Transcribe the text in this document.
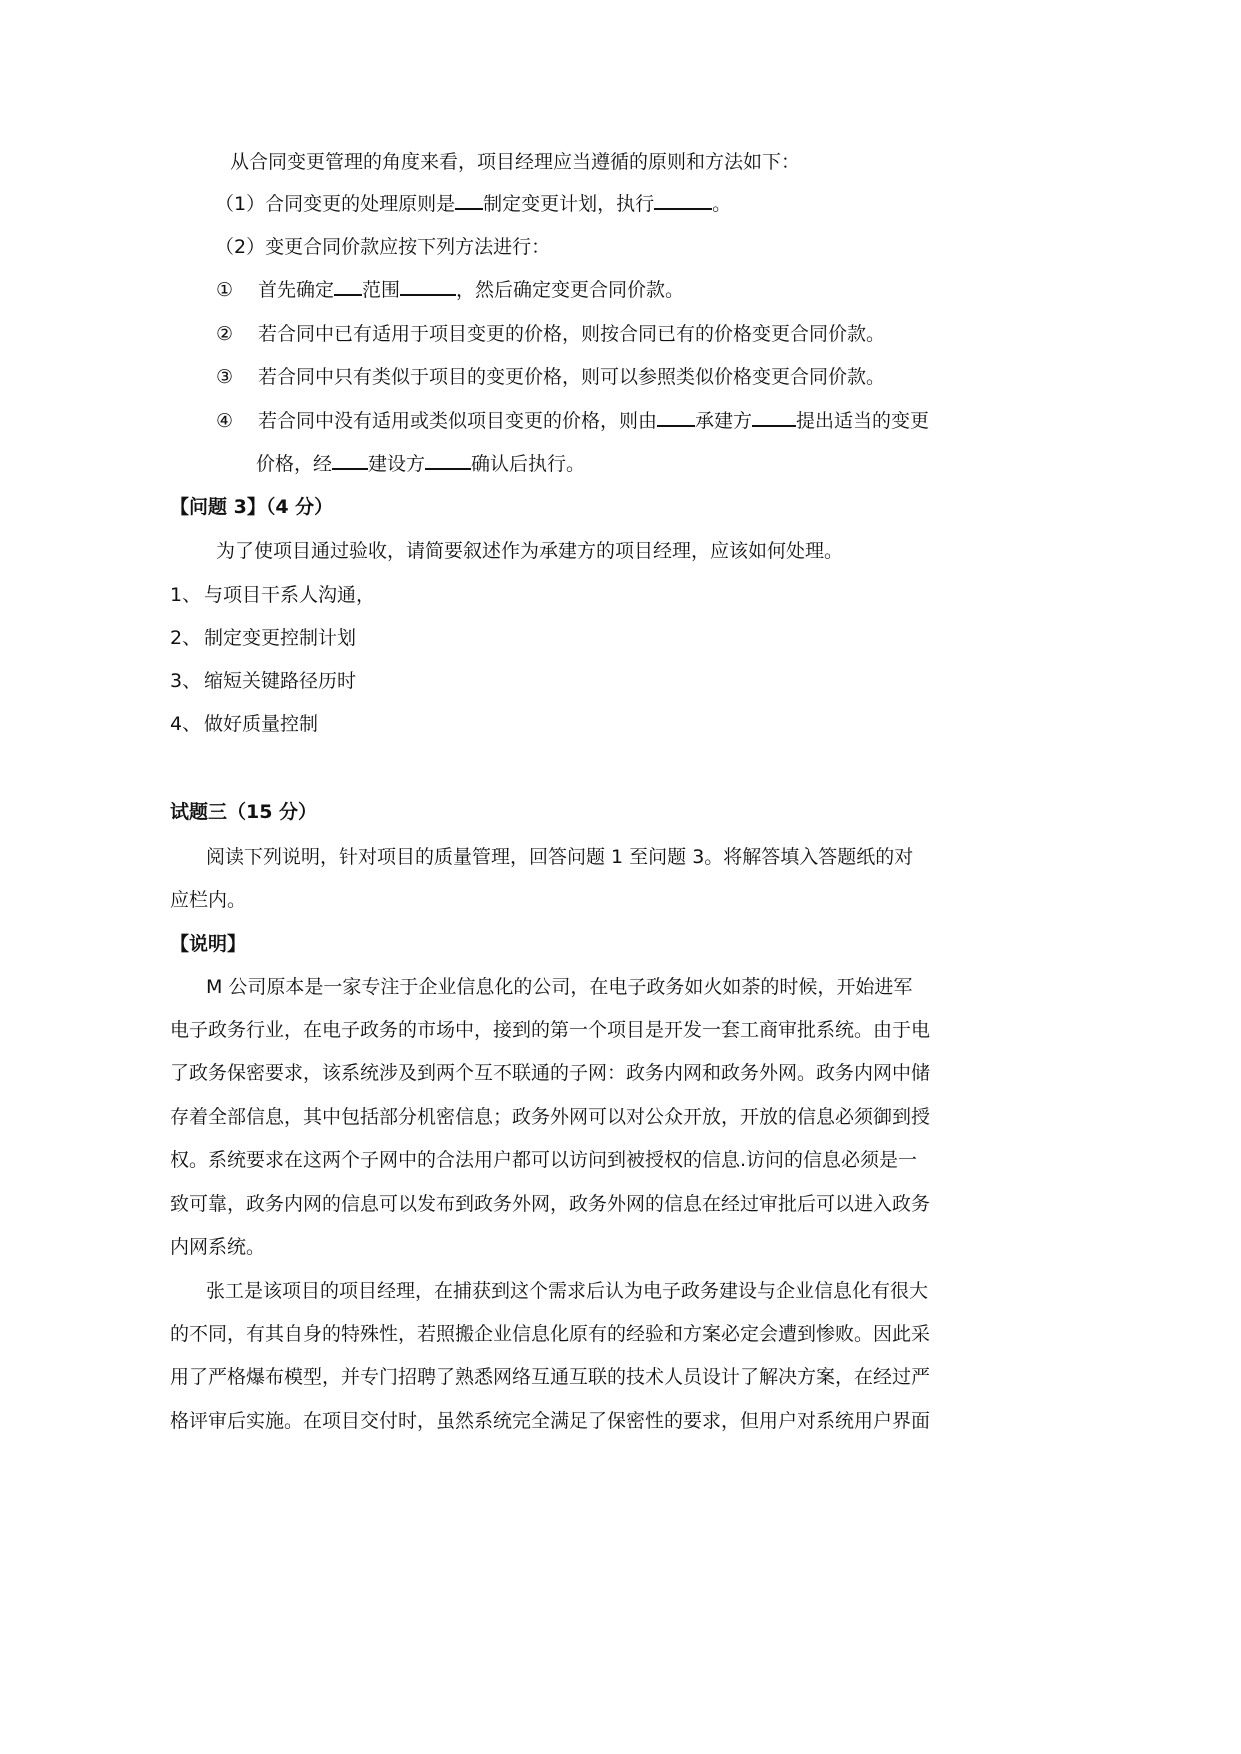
从合同变更管理的角度来看，项目经理应当遵循的原则和方法如下：
（1）合同变更的处理原则是 制定变更计划，执行	。
（2）变更合同价款应按下列方法进行：
① 首先确定 范围	，然后确定变更合同价款。
② 若合同中已有适用于项目变更的价格，则按合同已有的价格变更合同价款。
③ 若合同中只有类似于项目的变更价格，则可以参照类似价格变更合同价款。
④ 若合同中没有适用或类似项目变更的价格，则由 承建方 提出适当的变更
价格，经 建设方 确认后执行。
【问题 3】（4 分）
为了使项目通过验收，请简要叙述作为承建方的项目经理，应该如何处理。
1、 与项目干系人沟通，
2、 制定变更控制计划
3、 缩短关键路径历时
4、 做好质量控制
试题三（15 分）
阅读下列说明，针对项目的质量管理，回答问题 1 至问题 3。将解答填入答题纸的对
应栏内。
【说明】
M 公司原本是一家专注于企业信息化的公司，在电子政务如火如荼的时候，开始进军
电子政务行业，在电子政务的市场中，接到的第一个项目是开发一套工商审批系统。由于电
了政务保密要求，该系统涉及到两个互不联通的子网：政务内网和政务外网。政务内网中储
存着全部信息，其中包括部分机密信息；政务外网可以对公众开放，开放的信息必须御到授
权。系统要求在这两个子网中的合法用户都可以访问到被授权的信息.访问的信息必须是一
致可靠，政务内网的信息可以发布到政务外网，政务外网的信息在经过审批后可以进入政务
内网系统。
张工是该项目的项目经理，在捕获到这个需求后认为电子政务建设与企业信息化有很大
的不同，有其自身的特殊性，若照搬企业信息化原有的经验和方案必定会遭到惨败。因此采
用了严格爆布模型，并专门招聘了熟悉网络互通互联的技术人员设计了解决方案，在经过严
格评审后实施。在项目交付时，虽然系统完全满足了保密性的要求，但用户对系统用户界面
